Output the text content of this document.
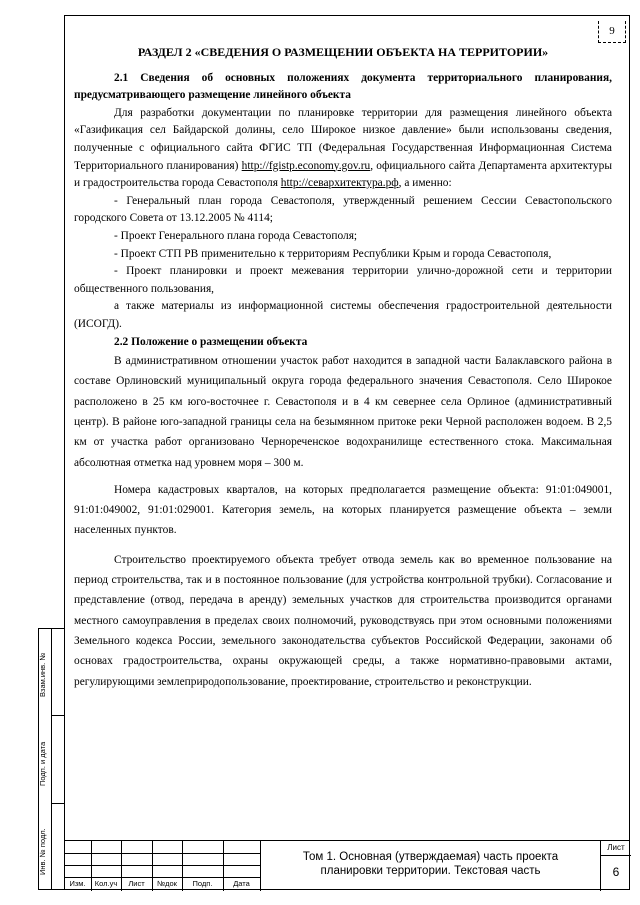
9

РАЗДЕЛ 2 «СВЕДЕНИЯ О РАЗМЕЩЕНИИ ОБЪЕКТА НА ТЕРРИТОРИИ»

2.1 Сведения об основных положениях документа территориального планирования, предусматривающего размещение линейного объекта

Для разработки документации по планировке территории для размещения линейного объекта «Газификация сел Байдарской долины, село Широкое низкое давление» были использованы сведения, полученные с официального сайта ФГИС ТП (Федеральная Государственная Информационная Система Территориального планирования) http://fgistp.economy.gov.ru, официального сайта Департамента архитектуры и градостроительства города Севастополя http://севархитектура.рф, а именно:

- Генеральный план города Севастополя, утвержденный решением Сессии Севастопольского городского Совета от 13.12.2005 № 4114;

- Проект Генерального плана города Севастополя;

- Проект СТП РВ применительно к территориям Республики Крым и города Севастополя,

- Проект планировки и проект межевания территории улично-дорожной сети и территории общественного пользования,

а также материалы из информационной системы обеспечения градостроительной деятельности (ИСОГД).

2.2 Положение о размещении объекта

В административном отношении участок работ находится в западной части Балаклавского района в составе Орлиновский муниципальный округа города федерального значения Севастополя. Село Широкое расположено в 25 км юго-восточнее г. Севастополя и в 4 км севернее села Орлиное (административный центр). В районе юго-западной границы села на безымянном притоке реки Черной расположен водоем. В 2,5 км от участка работ организовано Чернореченское водохранилище естественного стока. Максимальная абсолютная отметка над уровнем моря – 300 м.

Номера кадастровых кварталов, на которых предполагается размещение объекта: 91:01:049001, 91:01:049002, 91:01:029001. Категория земель, на которых планируется размещение объекта – земли населенных пунктов.

Строительство проектируемого объекта требует отвода земель как во временное пользование на период строительства, так и в постоянное пользование (для устройства контрольной трубки). Согласование и представление (отвод, передача в аренду) земельных участков для строительства производится органами местного самоуправления в пределах своих полномочий, руководствуясь при этом основными положениями Земельного кодекса России, земельного законодательства субъектов Российской Федерации, законами об основах градостроительства, охраны окружающей среды, а также нормативно-правовыми актами, регулирующими землеприродопользование, проектирование, строительство и реконструкции.

Взам.инв. №
Подп. и дата
Инв. № подл.
Изм.	Кол.уч	Лист	№док	Подп.	Дата
Том 1. Основная (утверждаемая) часть проекта
планировки территории. Текстовая часть
Лист
6
